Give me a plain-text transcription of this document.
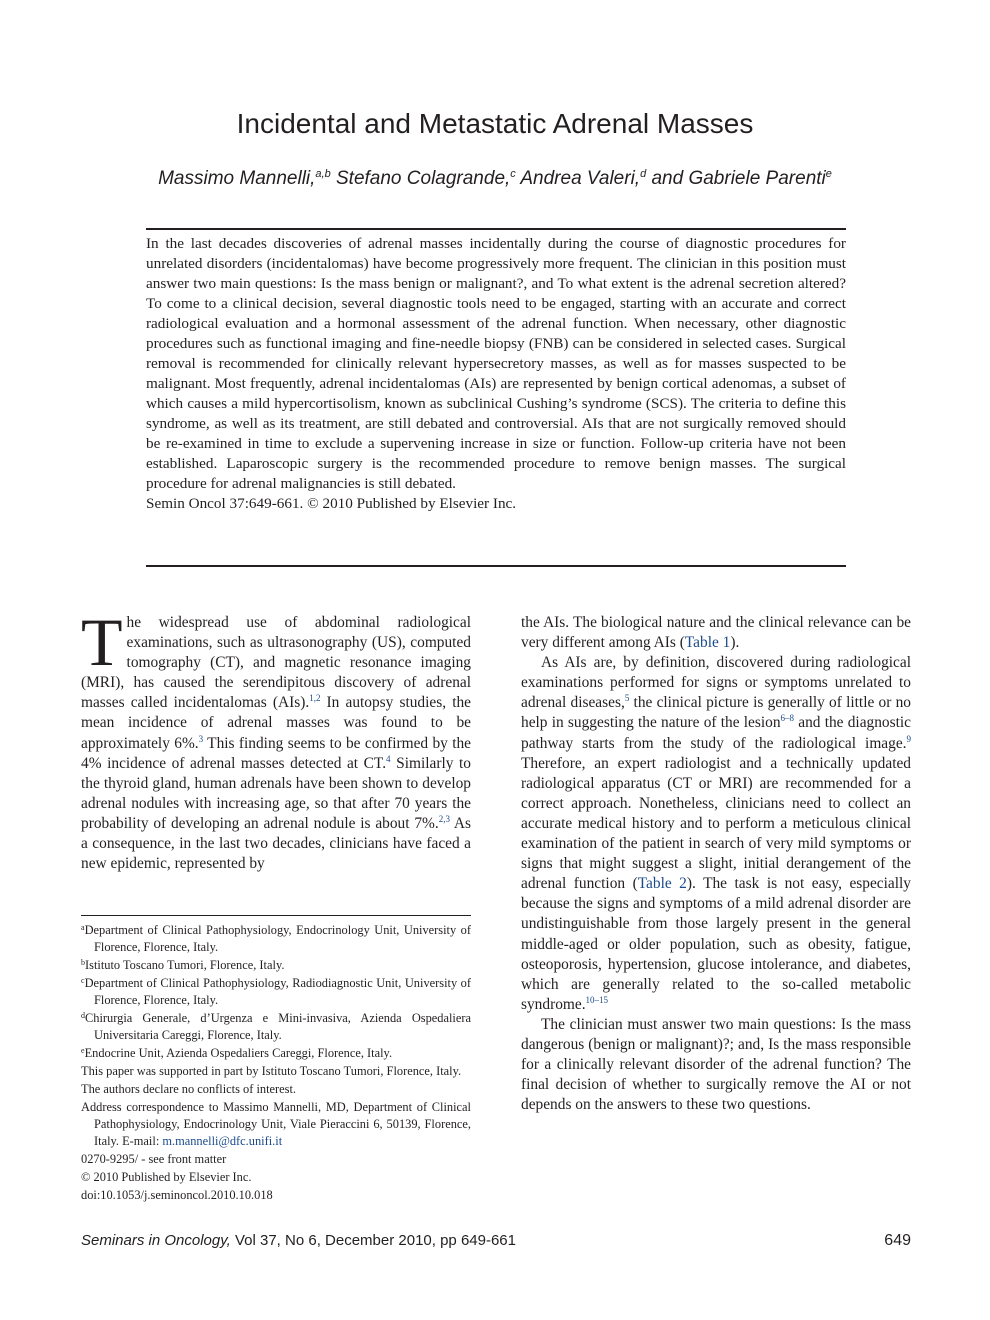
Incidental and Metastatic Adrenal Masses
Massimo Mannelli,$^{a,b}$ Stefano Colagrande,$^c$ Andrea Valeri,$^d$ and Gabriele Parenti$^e$

In the last decades discoveries of adrenal masses incidentally during the course of diagnostic procedures for unrelated disorders (incidentalomas) have become progressively more frequent. The clinician in this position must answer two main questions: Is the mass benign or malignant?, and To what extent is the adrenal secretion altered? To come to a clinical decision, several diagnostic tools need to be engaged, starting with an accurate and correct radiological evaluation and a hormonal assessment of the adrenal function. When necessary, other diagnostic procedures such as functional imaging and fine-needle biopsy (FNB) can be considered in selected cases. Surgical removal is recommended for clinically relevant hypersecretory masses, as well as for masses suspected to be malignant. Most frequently, adrenal incidentalomas (AIs) are represented by benign cortical adenomas, a subset of which causes a mild hypercortisolism, known as subclinical Cushing’s syndrome (SCS). The criteria to define this syndrome, as well as its treatment, are still debated and controversial. AIs that are not surgically removed should be re-examined in time to exclude a supervening increase in size or function. Follow-up criteria have not been established. Laparoscopic surgery is the recommended procedure to remove benign masses. The surgical procedure for adrenal malignancies is still debated.

Semin Oncol 37:649-661. © 2010 Published by Elsevier Inc.
T he widespread use of abdominal radiological examinations, such as ultrasonography (US), computed tomography (CT), and magnetic resonance imaging (MRI), has caused the serendipitous discovery of adrenal masses called incidentalomas (AIs).$^{1,2}$ In autopsy studies, the mean incidence of adrenal masses was found to be approximately 6%.$^3$ This finding seems to be confirmed by the 4% incidence of adrenal masses detected at CT.$^4$ Similarly to the thyroid gland, human adrenals have been shown to develop adrenal nodules with increasing age, so that after 70 years the probability of developing an adrenal nodule is about 7%.$^{2,3}$ As a consequence, in the last two decades, clinicians have faced a new epidemic, represented by

the AIs. The biological nature and the clinical relevance can be very different among AIs (Table 1).

As AIs are, by definition, discovered during radiological examinations performed for signs or symptoms unrelated to adrenal diseases,$^5$ the clinical picture is generally of little or no help in suggesting the nature of the lesion$^{6-8}$ and the diagnostic pathway starts from the study of the radiological image.$^9$ Therefore, an expert radiologist and a technically updated radiological apparatus (CT or MRI) are recommended for a correct approach. Nonetheless, clinicians need to collect an accurate medical history and to perform a meticulous clinical examination of the patient in search of very mild symptoms or signs that might suggest a slight, initial derangement of the adrenal function (Table 2). The task is not easy, especially because the signs and symptoms of a mild adrenal disorder are undistinguishable from those largely present in the general middle-aged or older population, such as obesity, fatigue, osteoporosis, hypertension, glucose intolerance, and diabetes, which are generally related to the so-called metabolic syndrome.$^{10-15}$

The clinician must answer two main questions: Is the mass dangerous (benign or malignant)?; and, Is the mass responsible for a clinically relevant disorder of the adrenal function? The final decision of whether to surgically remove the AI or not depends on the answers to these two questions.

$^a$Department of Clinical Pathophysiology, Endocrinology Unit, University of Florence, Florence, Italy.
$^b$Istituto Toscano Tumori, Florence, Italy.
$^c$Department of Clinical Pathophysiology, Radiodiagnostic Unit, University of Florence, Florence, Italy.
$^d$Chirurgia Generale, d’Urgenza e Mini-invasiva, Azienda Ospedaliera Universitaria Careggi, Florence, Italy.
$^e$Endocrine Unit, Azienda Ospedaliers Careggi, Florence, Italy.
This paper was supported in part by Istituto Toscano Tumori, Florence, Italy.
The authors declare no conflicts of interest.
Address correspondence to Massimo Mannelli, MD, Department of Clinical Pathophysiology, Endocrinology Unit, Viale Pieraccini 6, 50139, Florence, Italy. E-mail: m.mannelli@dfc.unifi.it
0270-9295/ - see front matter
© 2010 Published by Elsevier Inc.
doi:10.1053/j.seminoncol.2010.10.018
Seminars in Oncology, Vol 37, No 6, December 2010, pp 649-661	649
